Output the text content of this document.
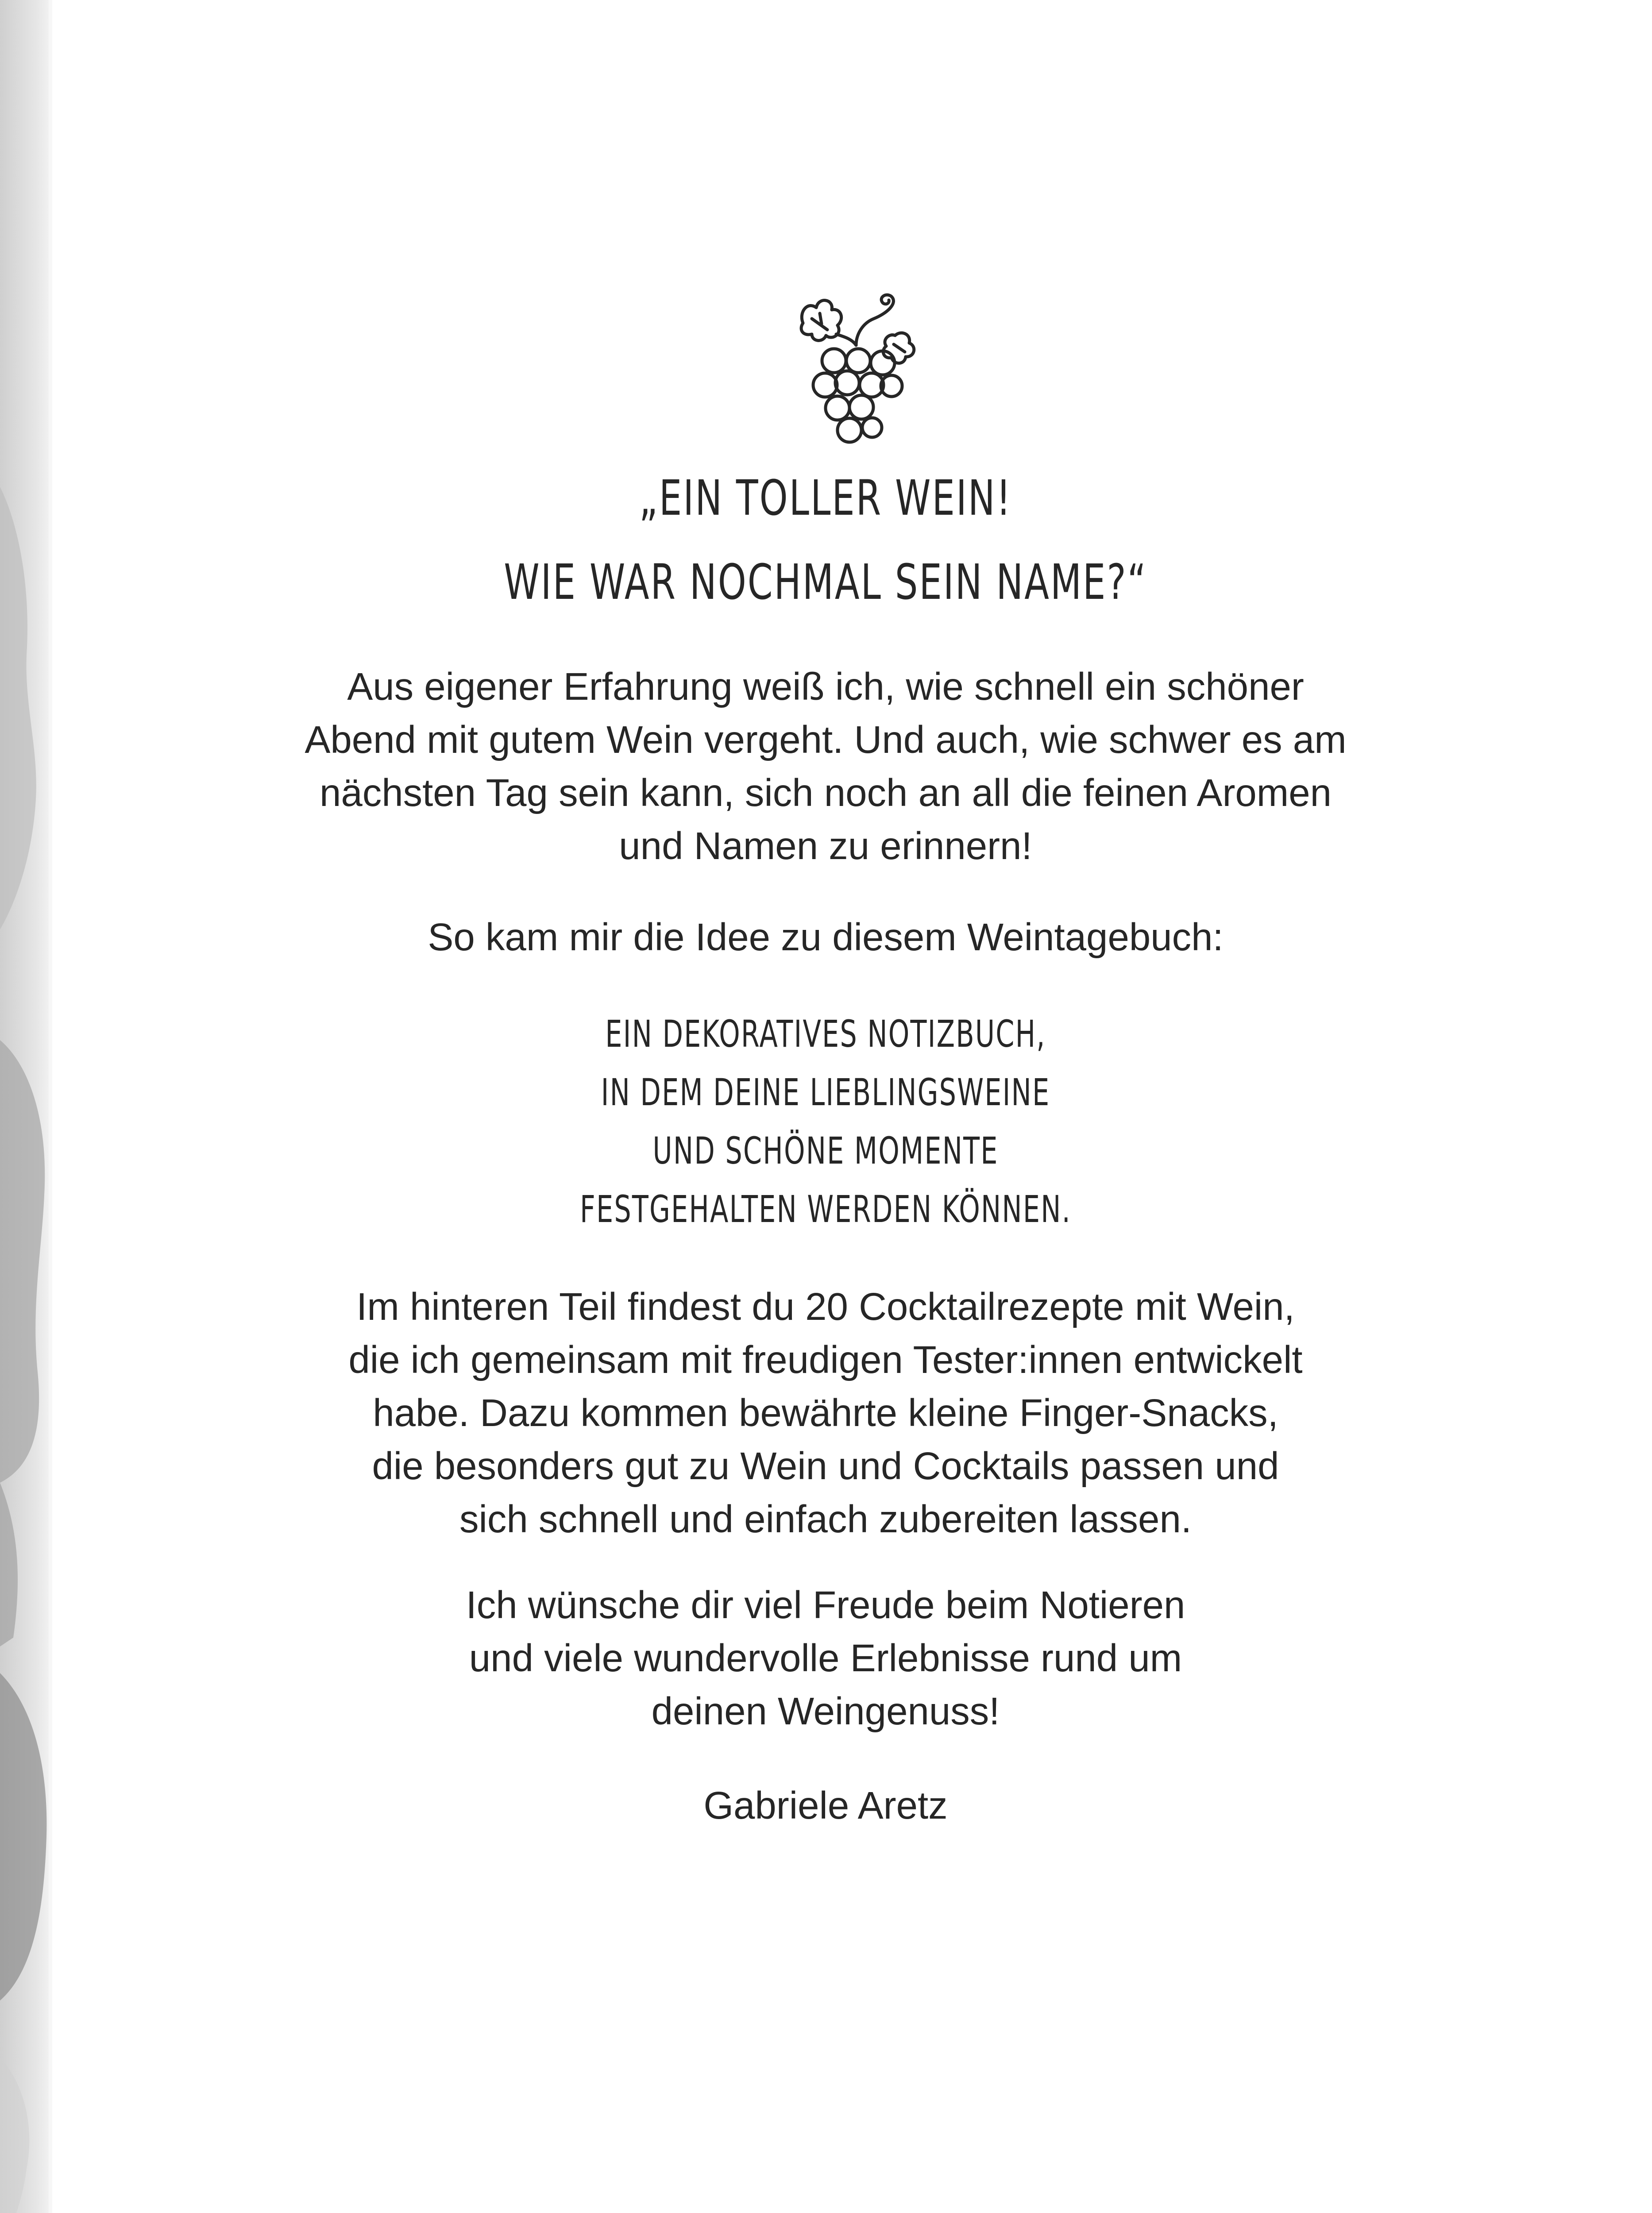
„EIN TOLLER WEIN!
WIE WAR NOCHMAL SEIN NAME?“
Aus eigener Erfahrung weiß ich, wie schnell ein schöner
Abend mit gutem Wein vergeht. Und auch, wie schwer es am
nächsten Tag sein kann, sich noch an all die feinen Aromen
und Namen zu erinnern!
So kam mir die Idee zu diesem Weintagebuch:
EIN DEKORATIVES NOTIZBUCH,
IN DEM DEINE LIEBLINGSWEINE
UND SCHÖNE MOMENTE
FESTGEHALTEN WERDEN KÖNNEN.
Im hinteren Teil findest du 20 Cocktailrezepte mit Wein,
die ich gemeinsam mit freudigen Tester:innen entwickelt
habe. Dazu kommen bewährte kleine Finger-Snacks,
die besonders gut zu Wein und Cocktails passen und
sich schnell und einfach zubereiten lassen.
Ich wünsche dir viel Freude beim Notieren
und viele wundervolle Erlebnisse rund um
deinen Weingenuss!
Gabriele Aretz
